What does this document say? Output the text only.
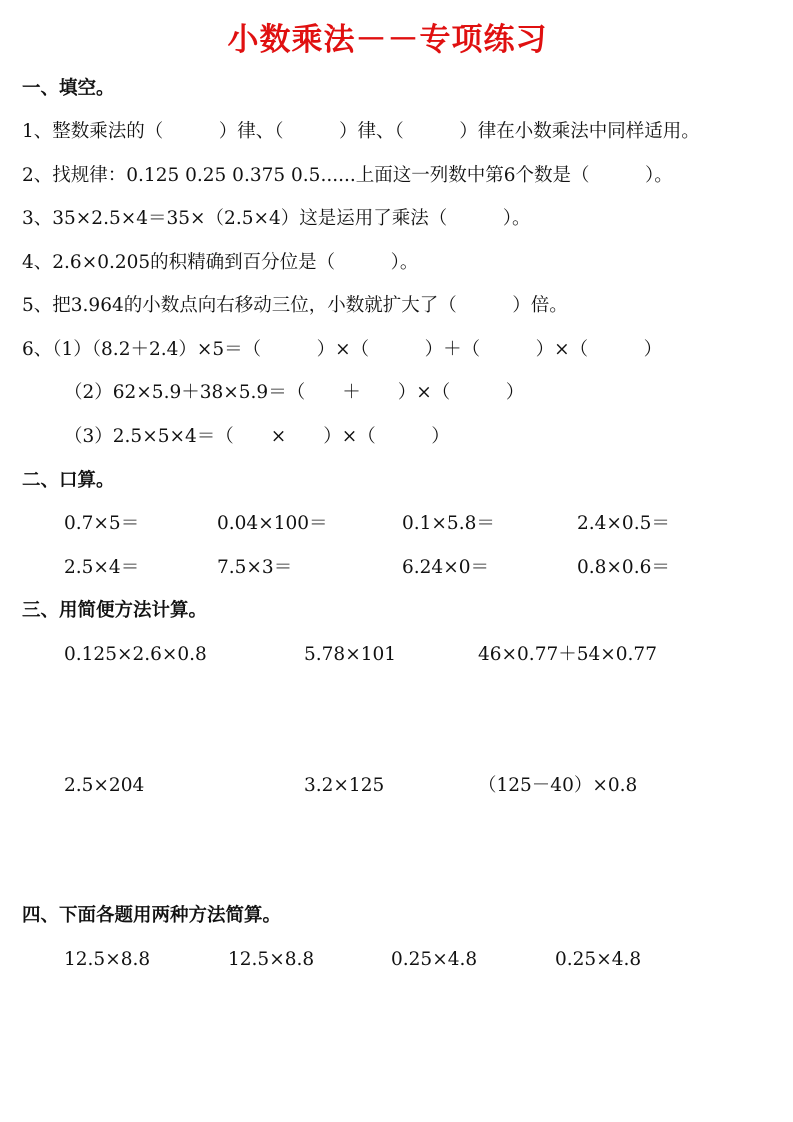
小数乘法－－专项练习
一、填空。
1、整数乘法的（　　　）律、（　　　）律、（　　　）律在小数乘法中同样适用。
2、找规律：0.125 0.25 0.375 0.5......上面这一列数中第6个数是（　　　）。
3、35×2.5×4＝35×（2.5×4）这是运用了乘法（　　　）。
4、2.6×0.205的积精确到百分位是（　　　）。
5、把3.964的小数点向右移动三位，小数就扩大了（　　　）倍。
6、（1）（8.2＋2.4）×5＝（　　　）×（　　　）＋（　　　）×（　　　）
（2）62×5.9＋38×5.9＝（　　＋　　）×（　　　）
（3）2.5×5×4＝（　　×　　）×（　　　）
二、口算。
0.7×5＝	0.04×100＝	0.1×5.8＝	2.4×0.5＝
2.5×4＝	7.5×3＝	6.24×0＝	0.8×0.6＝
三、用简便方法计算。
0.125×2.6×0.8	5.78×101	46×0.77＋54×0.77
2.5×204	3.2×125	（125－40）×0.8
四、下面各题用两种方法简算。
12.5×8.8	12.5×8.8	0.25×4.8	0.25×4.8
